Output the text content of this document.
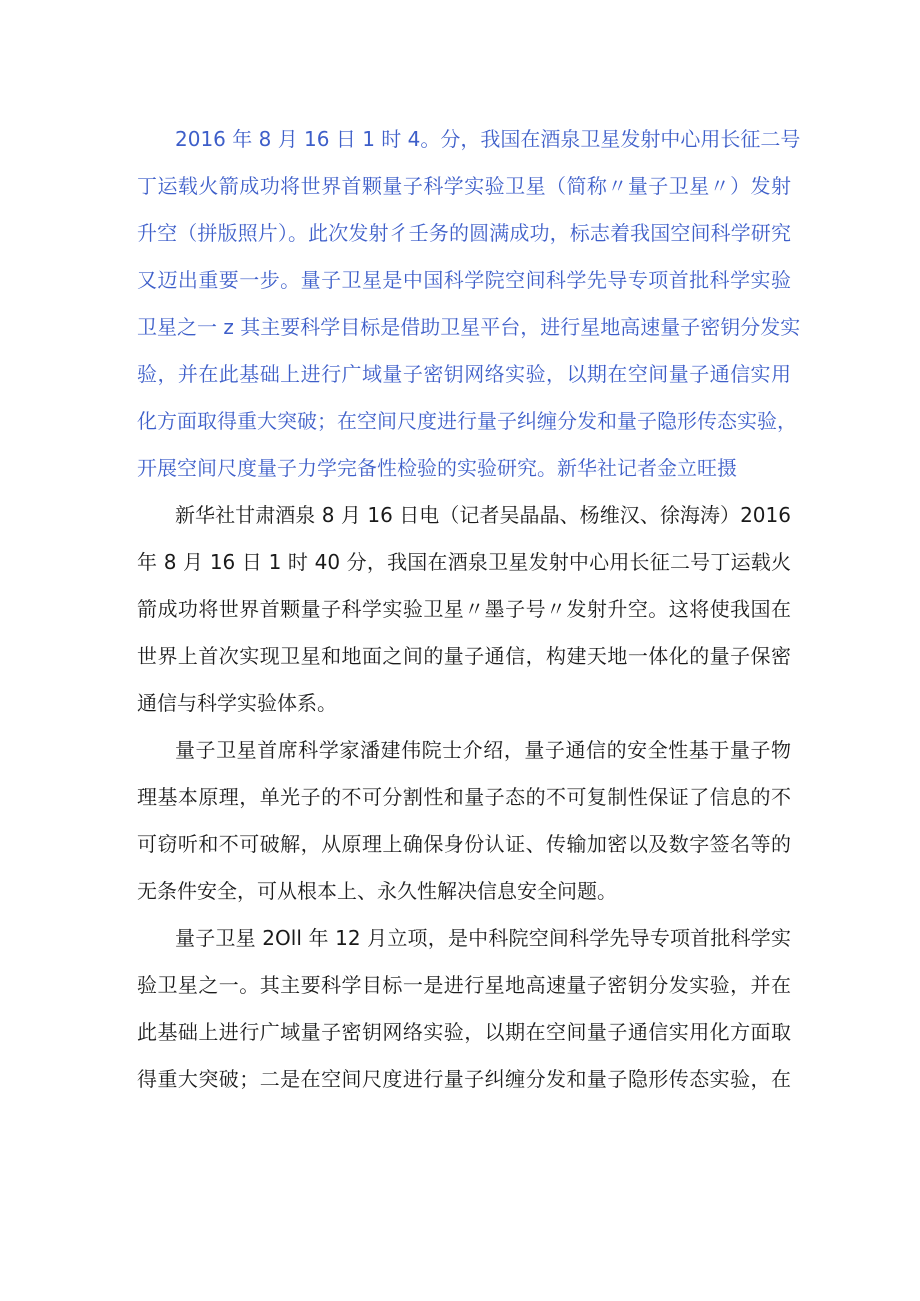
2016 年 8 月 16 日 1 时 4。分，我国在酒泉卫星发射中心用长征二号
丁运载火箭成功将世界首颗量子科学实验卫星（简称〃量子卫星〃）发射
升空（拼版照片）。此次发射彳壬务的圆满成功，标志着我国空间科学研究
又迈出重要一步。量子卫星是中国科学院空间科学先导专项首批科学实验
卫星之一 z 其主要科学目标是借助卫星平台，进行星地高速量子密钥分发实
验，并在此基础上进行广域量子密钥网络实验，以期在空间量子通信实用
化方面取得重大突破；在空间尺度进行量子纠缠分发和量子隐形传态实验，
开展空间尺度量子力学完备性检验的实验研究。新华社记者金立旺摄
新华社甘肃酒泉 8 月 16 日电（记者吴晶晶、杨维汉、徐海涛）2016
年 8 月 16 日 1 时 40 分，我国在酒泉卫星发射中心用长征二号丁运载火
箭成功将世界首颗量子科学实验卫星〃墨子号〃发射升空。这将使我国在
世界上首次实现卫星和地面之间的量子通信，构建天地一体化的量子保密
通信与科学实验体系。
量子卫星首席科学家潘建伟院士介绍，量子通信的安全性基于量子物
理基本原理，单光子的不可分割性和量子态的不可复制性保证了信息的不
可窃听和不可破解，从原理上确保身份认证、传输加密以及数字签名等的
无条件安全，可从根本上、永久性解决信息安全问题。
量子卫星 2Oll 年 12 月立项，是中科院空间科学先导专项首批科学实
验卫星之一。其主要科学目标一是进行星地高速量子密钥分发实验，并在
此基础上进行广域量子密钥网络实验，以期在空间量子通信实用化方面取
得重大突破；二是在空间尺度进行量子纠缠分发和量子隐形传态实验，在
